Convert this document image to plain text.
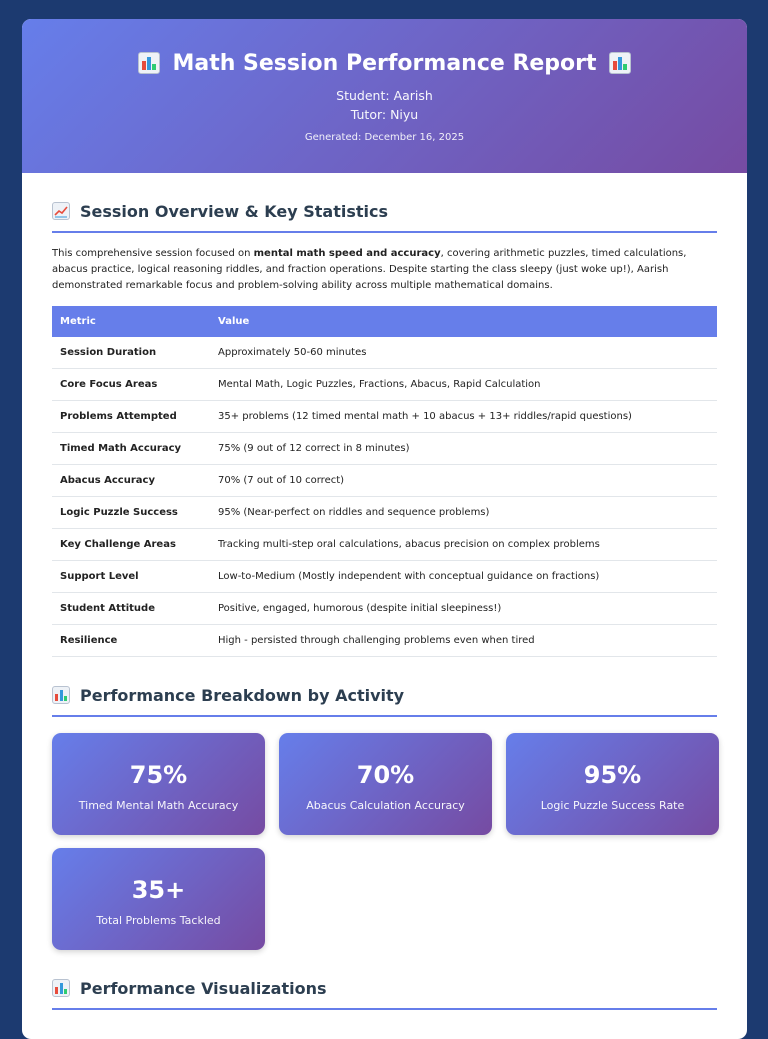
Math Session Performance Report
Student: Aarish
Tutor: Niyu
Generated: December 16, 2025
Session Overview & Key Statistics

This comprehensive session focused on mental math speed and accuracy, covering arithmetic puzzles, timed calculations, abacus practice, logical reasoning riddles, and fraction operations. Despite starting the class sleepy (just woke up!), Aarish demonstrated remarkable focus and problem-solving ability across multiple mathematical domains.

Metric	Value
Session Duration	Approximately 50-60 minutes
Core Focus Areas	Mental Math, Logic Puzzles, Fractions, Abacus, Rapid Calculation
Problems Attempted	35+ problems (12 timed mental math + 10 abacus + 13+ riddles/rapid questions)
Timed Math Accuracy	75% (9 out of 12 correct in 8 minutes)
Abacus Accuracy	70% (7 out of 10 correct)
Logic Puzzle Success	95% (Near-perfect on riddles and sequence problems)
Key Challenge Areas	Tracking multi-step oral calculations, abacus precision on complex problems
Support Level	Low-to-Medium (Mostly independent with conceptual guidance on fractions)
Student Attitude	Positive, engaged, humorous (despite initial sleepiness!)
Resilience	High - persisted through challenging problems even when tired
Performance Breakdown by Activity
75%
Timed Mental Math Accuracy
70%
Abacus Calculation Accuracy
95%
Logic Puzzle Success Rate
35+
Total Problems Tackled
Performance Visualizations
